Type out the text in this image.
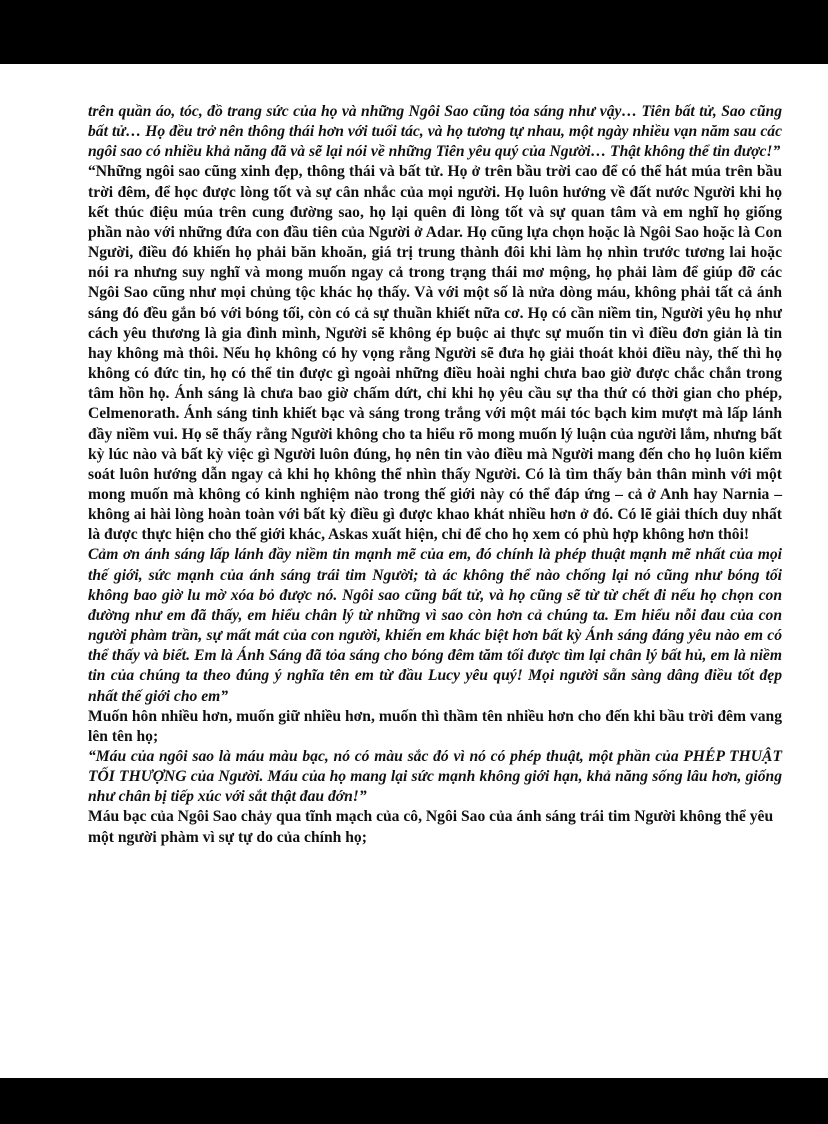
trên quần áo, tóc, đồ trang sức của họ và những Ngôi Sao cũng tỏa sáng như vậy… Tiên bất tử, Sao cũng bất tử… Họ đều trở nên thông thái hơn với tuổi tác, và họ tương tự nhau, một ngày nhiều vạn năm sau các ngôi sao có nhiều khả năng đã và sẽ lại nói về những Tiên yêu quý của Người… Thật không thể tin được!”

“Những ngôi sao cũng xinh đẹp, thông thái và bất tử. Họ ở trên bầu trời cao để có thể hát múa trên bầu trời đêm, để học được lòng tốt và sự cân nhắc của mọi người. Họ luôn hướng về đất nước Người khi họ kết thúc điệu múa trên cung đường sao, họ lại quên đi lòng tốt và sự quan tâm và em nghĩ họ giống phần nào với những đứa con đầu tiên của Người ở Adar. Họ cũng lựa chọn hoặc là Ngôi Sao hoặc là Con Người, điều đó khiến họ phải băn khoăn, giá trị trung thành đôi khi làm họ nhìn trước tương lai hoặc nói ra nhưng suy nghĩ và mong muốn ngay cả trong trạng thái mơ mộng, họ phải làm để giúp đỡ các Ngôi Sao cũng như mọi chủng tộc khác họ thấy. Và với một số là nửa dòng máu, không phải tất cả ánh sáng đó đều gắn bó với bóng tối, còn có cả sự thuần khiết nữa cơ. Họ có cần niềm tin, Người yêu họ như cách yêu thương là gia đình mình, Người sẽ không ép buộc ai thực sự muốn tin vì điều đơn giản là tin hay không mà thôi. Nếu họ không có hy vọng rằng Người sẽ đưa họ giải thoát khỏi điều này, thế thì họ không có đức tin, họ có thể tin được gì ngoài những điều hoài nghi chưa bao giờ được chắc chắn trong tâm hồn họ. Ánh sáng là chưa bao giờ chấm dứt, chỉ khi họ yêu cầu sự tha thứ có thời gian cho phép, Celmenorath. Ánh sáng tinh khiết bạc và sáng trong trắng với một mái tóc bạch kim mượt mà lấp lánh đầy niềm vui. Họ sẽ thấy rằng Người không cho ta hiểu rõ mong muốn lý luận của người lắm, nhưng bất kỳ lúc nào và bất kỳ việc gì Người luôn đúng, họ nên tin vào điều mà Người mang đến cho họ luôn kiểm soát luôn hướng dẫn ngay cả khi họ không thể nhìn thấy Người. Có là tìm thấy bản thân mình với một mong muốn mà không có kinh nghiệm nào trong thế giới này có thể đáp ứng – cả ở Anh hay Narnia – không ai hài lòng hoàn toàn với bất kỳ điều gì được khao khát nhiều hơn ở đó. Có lẽ giải thích duy nhất là được thực hiện cho thế giới khác, Askas xuất hiện, chỉ để cho họ xem có phù hợp không hơn thôi!

Cảm ơn ánh sáng lấp lánh đầy niềm tin mạnh mẽ của em, đó chính là phép thuật mạnh mẽ nhất của mọi thế giới, sức mạnh của ánh sáng trái tim Người; tà ác không thể nào chống lại nó cũng như bóng tối không bao giờ lu mờ xóa bỏ được nó. Ngôi sao cũng bất tử, và họ cũng sẽ từ từ chết đi nếu họ chọn con đường như em đã thấy, em hiểu chân lý từ những vì sao còn hơn cả chúng ta. Em hiểu nỗi đau của con người phàm trần, sự mất mát của con người, khiến em khác biệt hơn bất kỳ Ánh sáng đáng yêu nào em có thể thấy và biết. Em là Ánh Sáng đã tỏa sáng cho bóng đêm tăm tối được tìm lại chân lý bất hủ, em là niềm tin của chúng ta theo đúng ý nghĩa tên em từ đầu Lucy yêu quý! Mọi người sẵn sàng dâng điều tốt đẹp nhất thế giới cho em”

Muốn hôn nhiều hơn, muốn giữ nhiều hơn, muốn thì thầm tên nhiều hơn cho đến khi bầu trời đêm vang lên tên họ;

“Máu của ngôi sao là máu màu bạc, nó có màu sắc đó vì nó có phép thuật, một phần của PHÉP THUẬT TỐI THƯỢNG của Người. Máu của họ mang lại sức mạnh không giới hạn, khả năng sống lâu hơn, giống như chân bị tiếp xúc với sắt thật đau đớn!”

Máu bạc của Ngôi Sao chảy qua tĩnh mạch của cô, Ngôi Sao của ánh sáng trái tim Người không thể yêu một người phàm vì sự tự do của chính họ;
